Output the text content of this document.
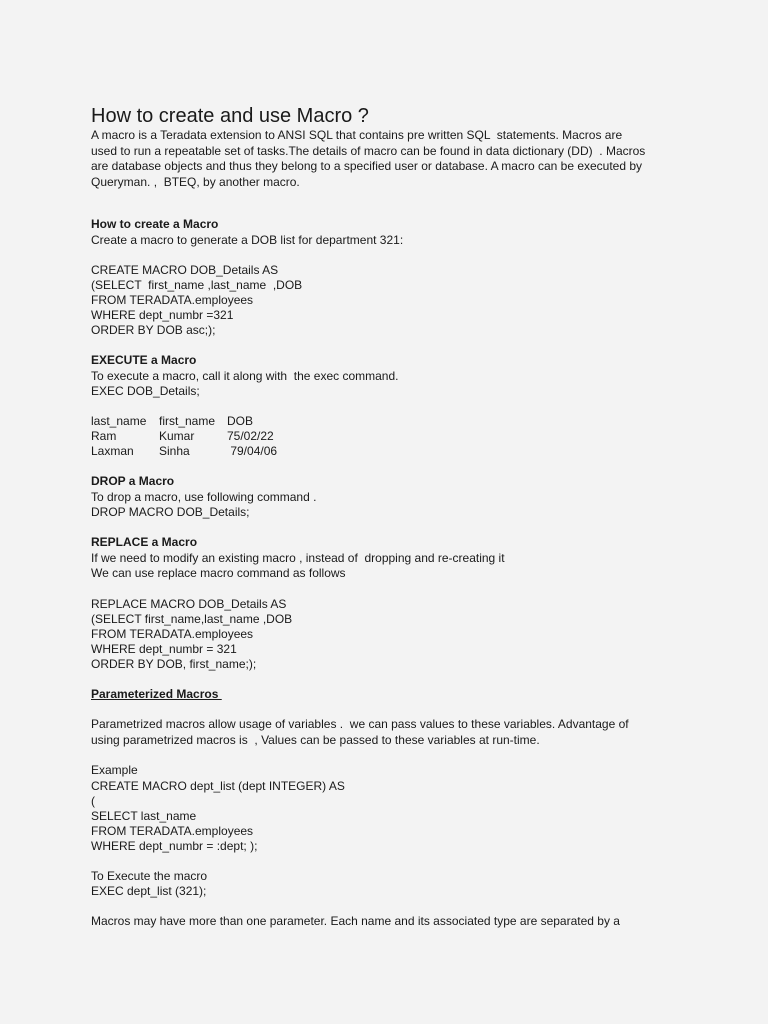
How to create and use Macro ?

A macro is a Teradata extension to ANSI SQL that contains pre written SQL  statements. Macros are

used to run a repeatable set of tasks.The details of macro can be found in data dictionary (DD)  . Macros

are database objects and thus they belong to a specified user or database. A macro can be executed by

Queryman. ,  BTEQ, by another macro.

How to create a Macro

Create a macro to generate a DOB list for department 321:

CREATE MACRO DOB_Details AS

(SELECT  first_name ,last_name  ,DOB

FROM TERADATA.employees

WHERE dept_numbr =321

ORDER BY DOB asc;);

EXECUTE a Macro

To execute a macro, call it along with  the exec command.

EXEC DOB_Details;

last_name	first_name DOB
Ram	Kumar	75/02/22
Laxman	Sinha	79/04/06

DROP a Macro

To drop a macro, use following command .

DROP MACRO DOB_Details;

REPLACE a Macro

If we need to modify an existing macro , instead of  dropping and re-creating it

We can use replace macro command as follows

REPLACE MACRO DOB_Details AS

(SELECT first_name,last_name ,DOB

FROM TERADATA.employees

WHERE dept_numbr = 321

ORDER BY DOB, first_name;);

Parameterized Macros

Parametrized macros allow usage of variables .  we can pass values to these variables. Advantage of

using parametrized macros is  , Values can be passed to these variables at run-time.

Example

CREATE MACRO dept_list (dept INTEGER) AS

(

SELECT last_name

FROM TERADATA.employees

WHERE dept_numbr = :dept; );

To Execute the macro

EXEC dept_list (321);

Macros may have more than one parameter. Each name and its associated type are separated by a
